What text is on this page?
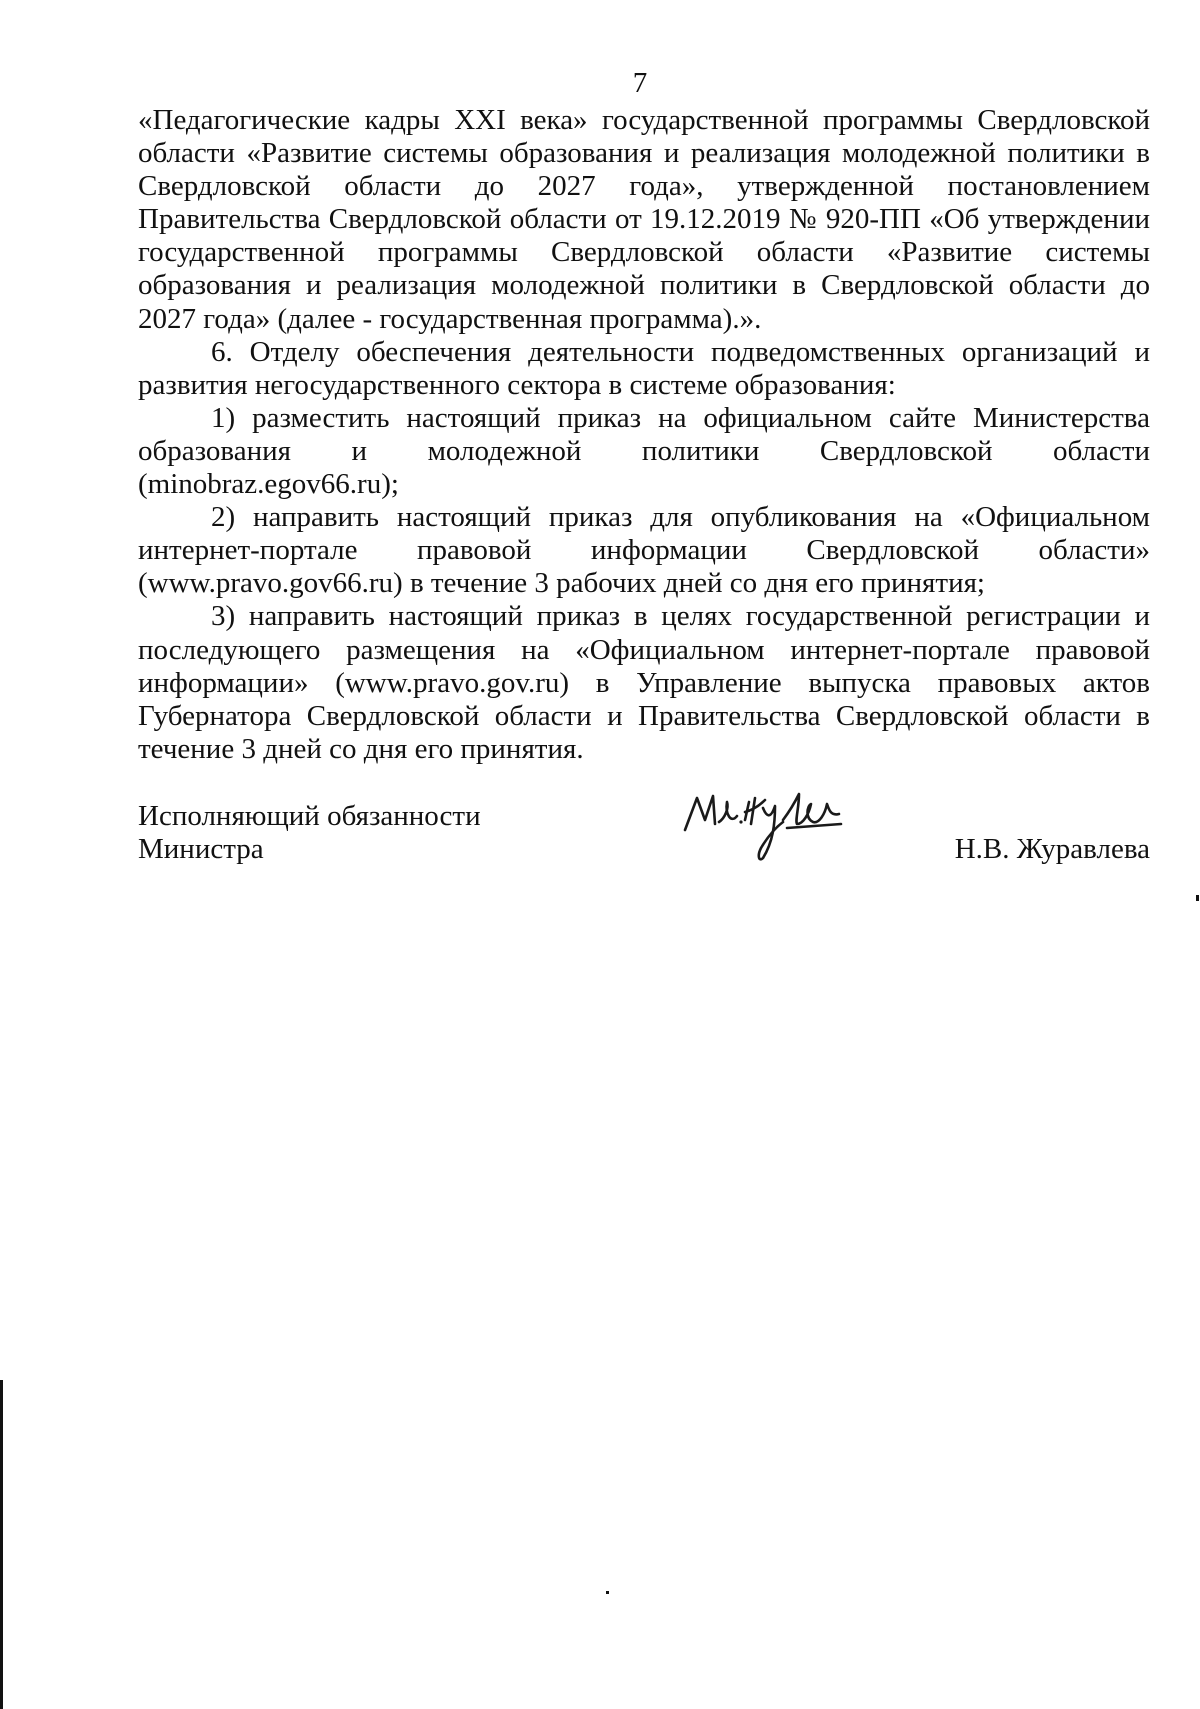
7

«Педагогические кадры XXI века» государственной программы Свердловской области «Развитие системы образования и реализация молодежной политики в Свердловской области до 2027 года», утвержденной постановлением Правительства Свердловской области от 19.12.2019 № 920-ПП «Об утверждении государственной программы Свердловской области «Развитие системы образования и реализация молодежной политики в Свердловской области до 2027 года» (далее - государственная программа).».

6. Отделу обеспечения деятельности подведомственных организаций и развития негосударственного сектора в системе образования:

1) разместить настоящий приказ на официальном сайте Министерства образования и молодежной политики Свердловской области (minobraz.egov66.ru);

2) направить настоящий приказ для опубликования на «Официальном интернет-портале правовой информации Свердловской области» (www.pravo.gov66.ru) в течение 3 рабочих дней со дня его принятия;

3) направить настоящий приказ в целях государственной регистрации и последующего размещения на «Официальном интернет-портале правовой информации» (www.pravo.gov.ru) в Управление выпуска правовых актов Губернатора Свердловской области и Правительства Свердловской области в течение 3 дней со дня его принятия.

Исполняющий обязанности
Министра	Н.В. Журавлева
